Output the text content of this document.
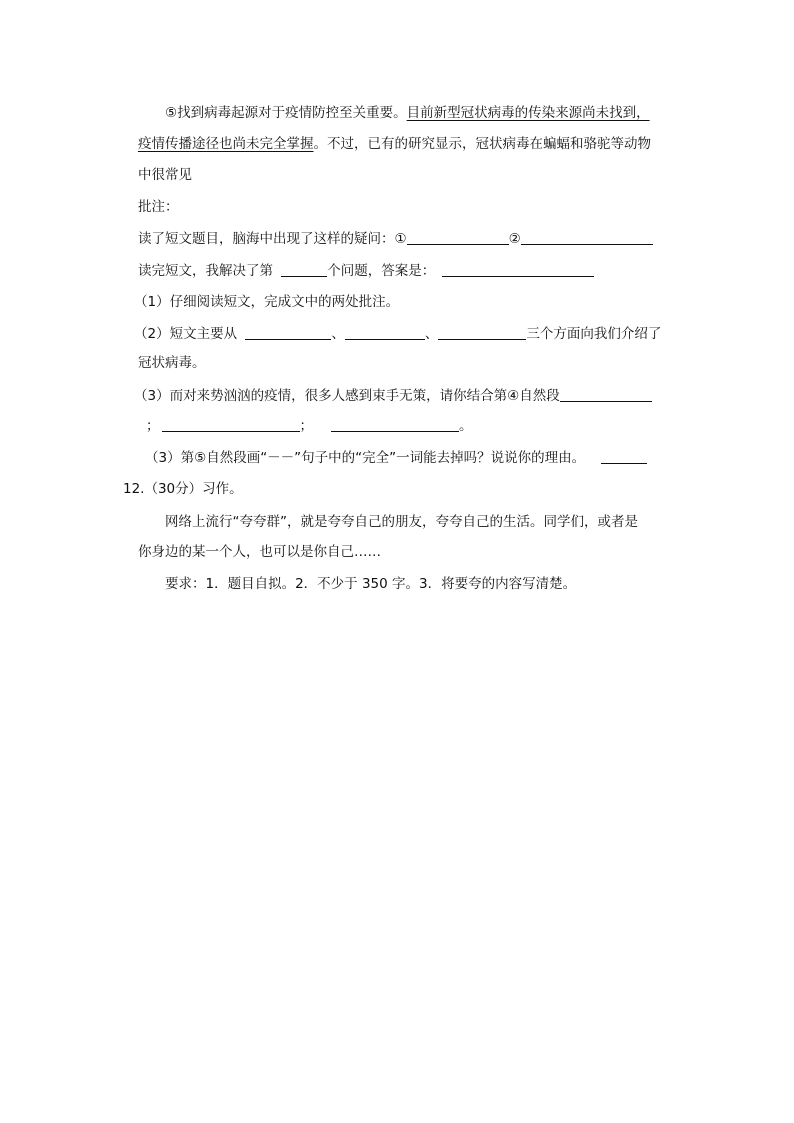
⑤找到病毒起源对于疫情防控至关重要。目前新型冠状病毒的传染来源尚未找到，
疫情传播途径也尚未完全掌握。不过，已有的研究显示，冠状病毒在蝙蝠和骆驼等动物
中很常见
批注：
读了短文题目，脑海中出现了这样的疑问：①	②
读完短文，我解决了第	个问题，答案是：
（1）仔细阅读短文，完成文中的两处批注。
（2）短文主要从	、	、	三个方面向我们介绍了
冠状病毒。
（3）而对来势汹汹的疫情，很多人感到束手无策，请你结合第④自然段
；	；	。
（3）第⑤自然段画“－－”句子中的“完全”一词能去掉吗？说说你的理由。
12.（30分）习作。
网络上流行“夸夸群”，就是夸夸自己的朋友，夸夸自己的生活。同学们，或者是
你身边的某一个人，也可以是你自己……
要求：1．题目自拟。2．不少于 350 字。3．将要夸的内容写清楚。
